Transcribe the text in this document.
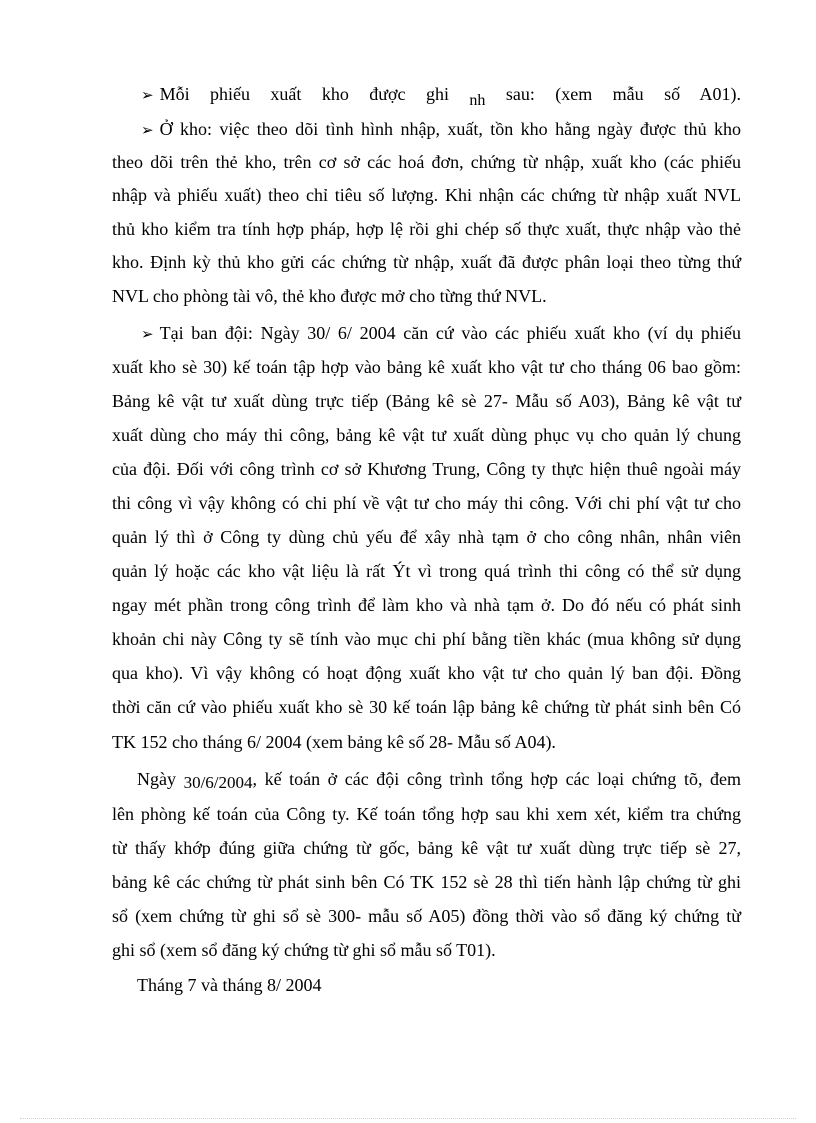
➢ Mỗi phiếu xuất kho được ghi nh sau: (xem mẫu số A01).
➢ Ở kho: việc theo dõi tình hình nhập, xuất, tồn kho hằng ngày được thủ kho
theo dõi trên thẻ kho, trên cơ sở các hoá đơn, chứng từ nhập, xuất kho (các phiếu
nhập và phiếu xuất) theo chỉ tiêu số lượng. Khi nhận các chứng từ nhập xuất NVL
thủ kho kiểm tra tính hợp pháp, hợp lệ rồi ghi chép số thực xuất, thực nhập vào thẻ
kho. Định kỳ thủ kho gửi các chứng từ nhập, xuất đã được phân loại theo từng thứ
NVL cho phòng tài vô, thẻ kho được mở cho từng thứ NVL.
➢ Tại ban đội: Ngày 30/ 6/ 2004 căn cứ vào các phiếu xuất kho (ví dụ phiếu
xuất kho sè 30) kế toán tập hợp vào bảng kê xuất kho vật tư cho tháng 06 bao gồm:
Bảng kê vật tư xuất dùng trực tiếp (Bảng kê sè 27- Mẫu số A03), Bảng kê vật tư
xuất dùng cho máy thi công, bảng kê vật tư xuất dùng phục vụ cho quản lý chung
của đội. Đối với công trình cơ sở Khương Trung, Công ty thực hiện thuê ngoài máy
thi công vì vậy không có chi phí về vật tư cho máy thi công. Với chi phí vật tư cho
quản lý thì ở Công ty dùng chủ yếu để xây nhà tạm ở cho công nhân, nhân viên
quản lý hoặc các kho vật liệu là rất Ýt vì trong quá trình thi công có thể sử dụng
ngay mét phần trong công trình để làm kho và nhà tạm ở. Do đó nếu có phát sinh
khoản chi này Công ty sẽ tính vào mục chi phí bằng tiền khác (mua không sử dụng
qua kho). Vì vậy không có hoạt động xuất kho vật tư cho quản lý ban đội. Đồng
thời căn cứ vào phiếu xuất kho sè 30 kế toán lập bảng kê chứng từ phát sinh bên Có
TK 152 cho tháng 6/ 2004 (xem bảng kê số 28- Mẫu số A04).
Ngày 30/6/2004, kế toán ở các đội công trình tổng hợp các loại chứng tõ, đem
lên phòng kế toán của Công ty. Kế toán tổng hợp sau khi xem xét, kiểm tra chứng
từ thấy khớp đúng giữa chứng từ gốc, bảng kê vật tư xuất dùng trực tiếp sè 27,
bảng kê các chứng từ phát sinh bên Có TK 152 sè 28 thì tiến hành lập chứng từ ghi
sổ (xem chứng từ ghi sổ sè 300- mẫu số A05) đồng thời vào sổ đăng ký chứng từ
ghi sổ (xem sổ đăng ký chứng từ ghi sổ mẫu số T01).
Tháng 7 và tháng 8/ 2004
